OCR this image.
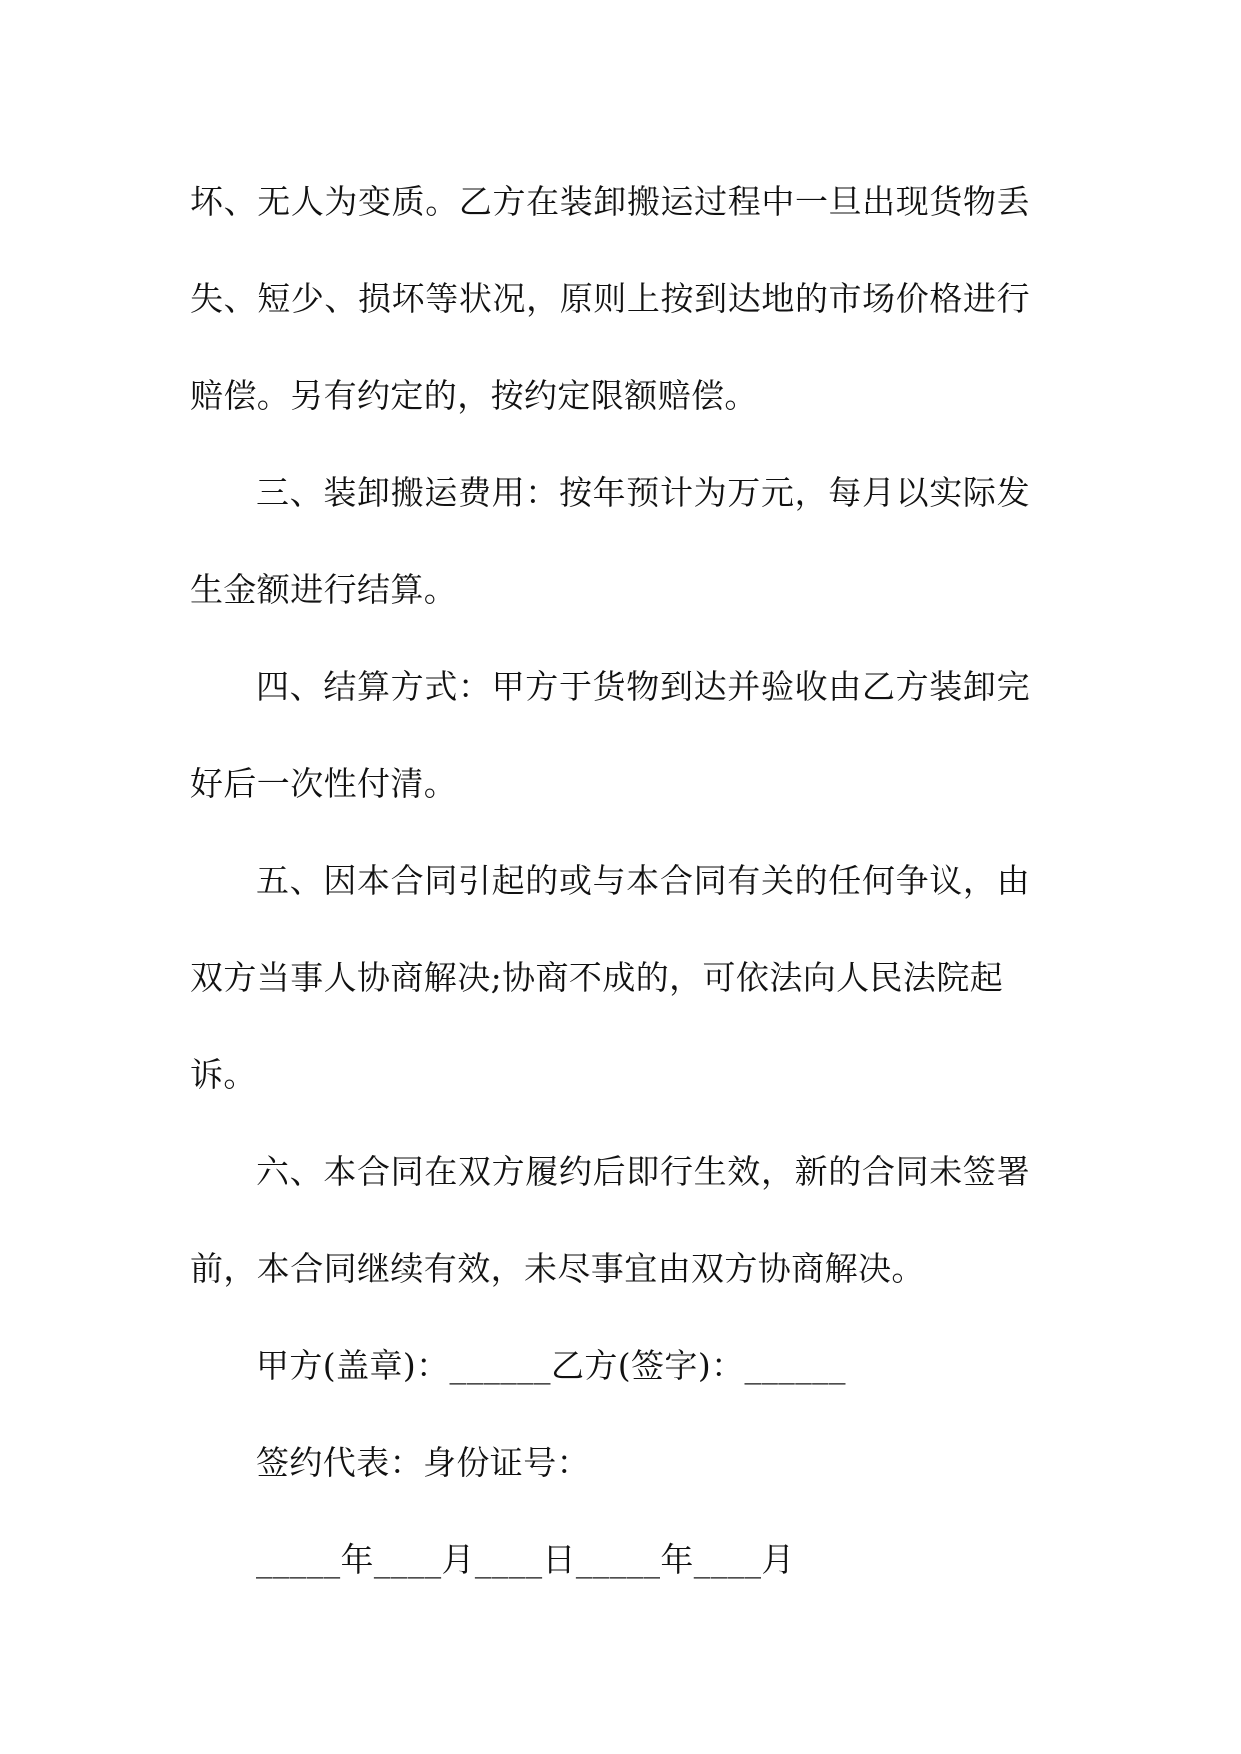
坏、无人为变质。乙方在装卸搬运过程中一旦出现货物丢
失、短少、损坏等状况，原则上按到达地的市场价格进行
赔偿。另有约定的，按约定限额赔偿。
三、装卸搬运费用：按年预计为万元，每月以实际发
生金额进行结算。
四、结算方式：甲方于货物到达并验收由乙方装卸完
好后一次性付清。
五、因本合同引起的或与本合同有关的任何争议，由
双方当事人协商解决;协商不成的，可依法向人民法院起
诉。
六、本合同在双方履约后即行生效，新的合同未签署
前，本合同继续有效，未尽事宜由双方协商解决。
甲方(盖章)：______乙方(签字)：______
签约代表：身份证号：
_____年____月____日_____年____月
